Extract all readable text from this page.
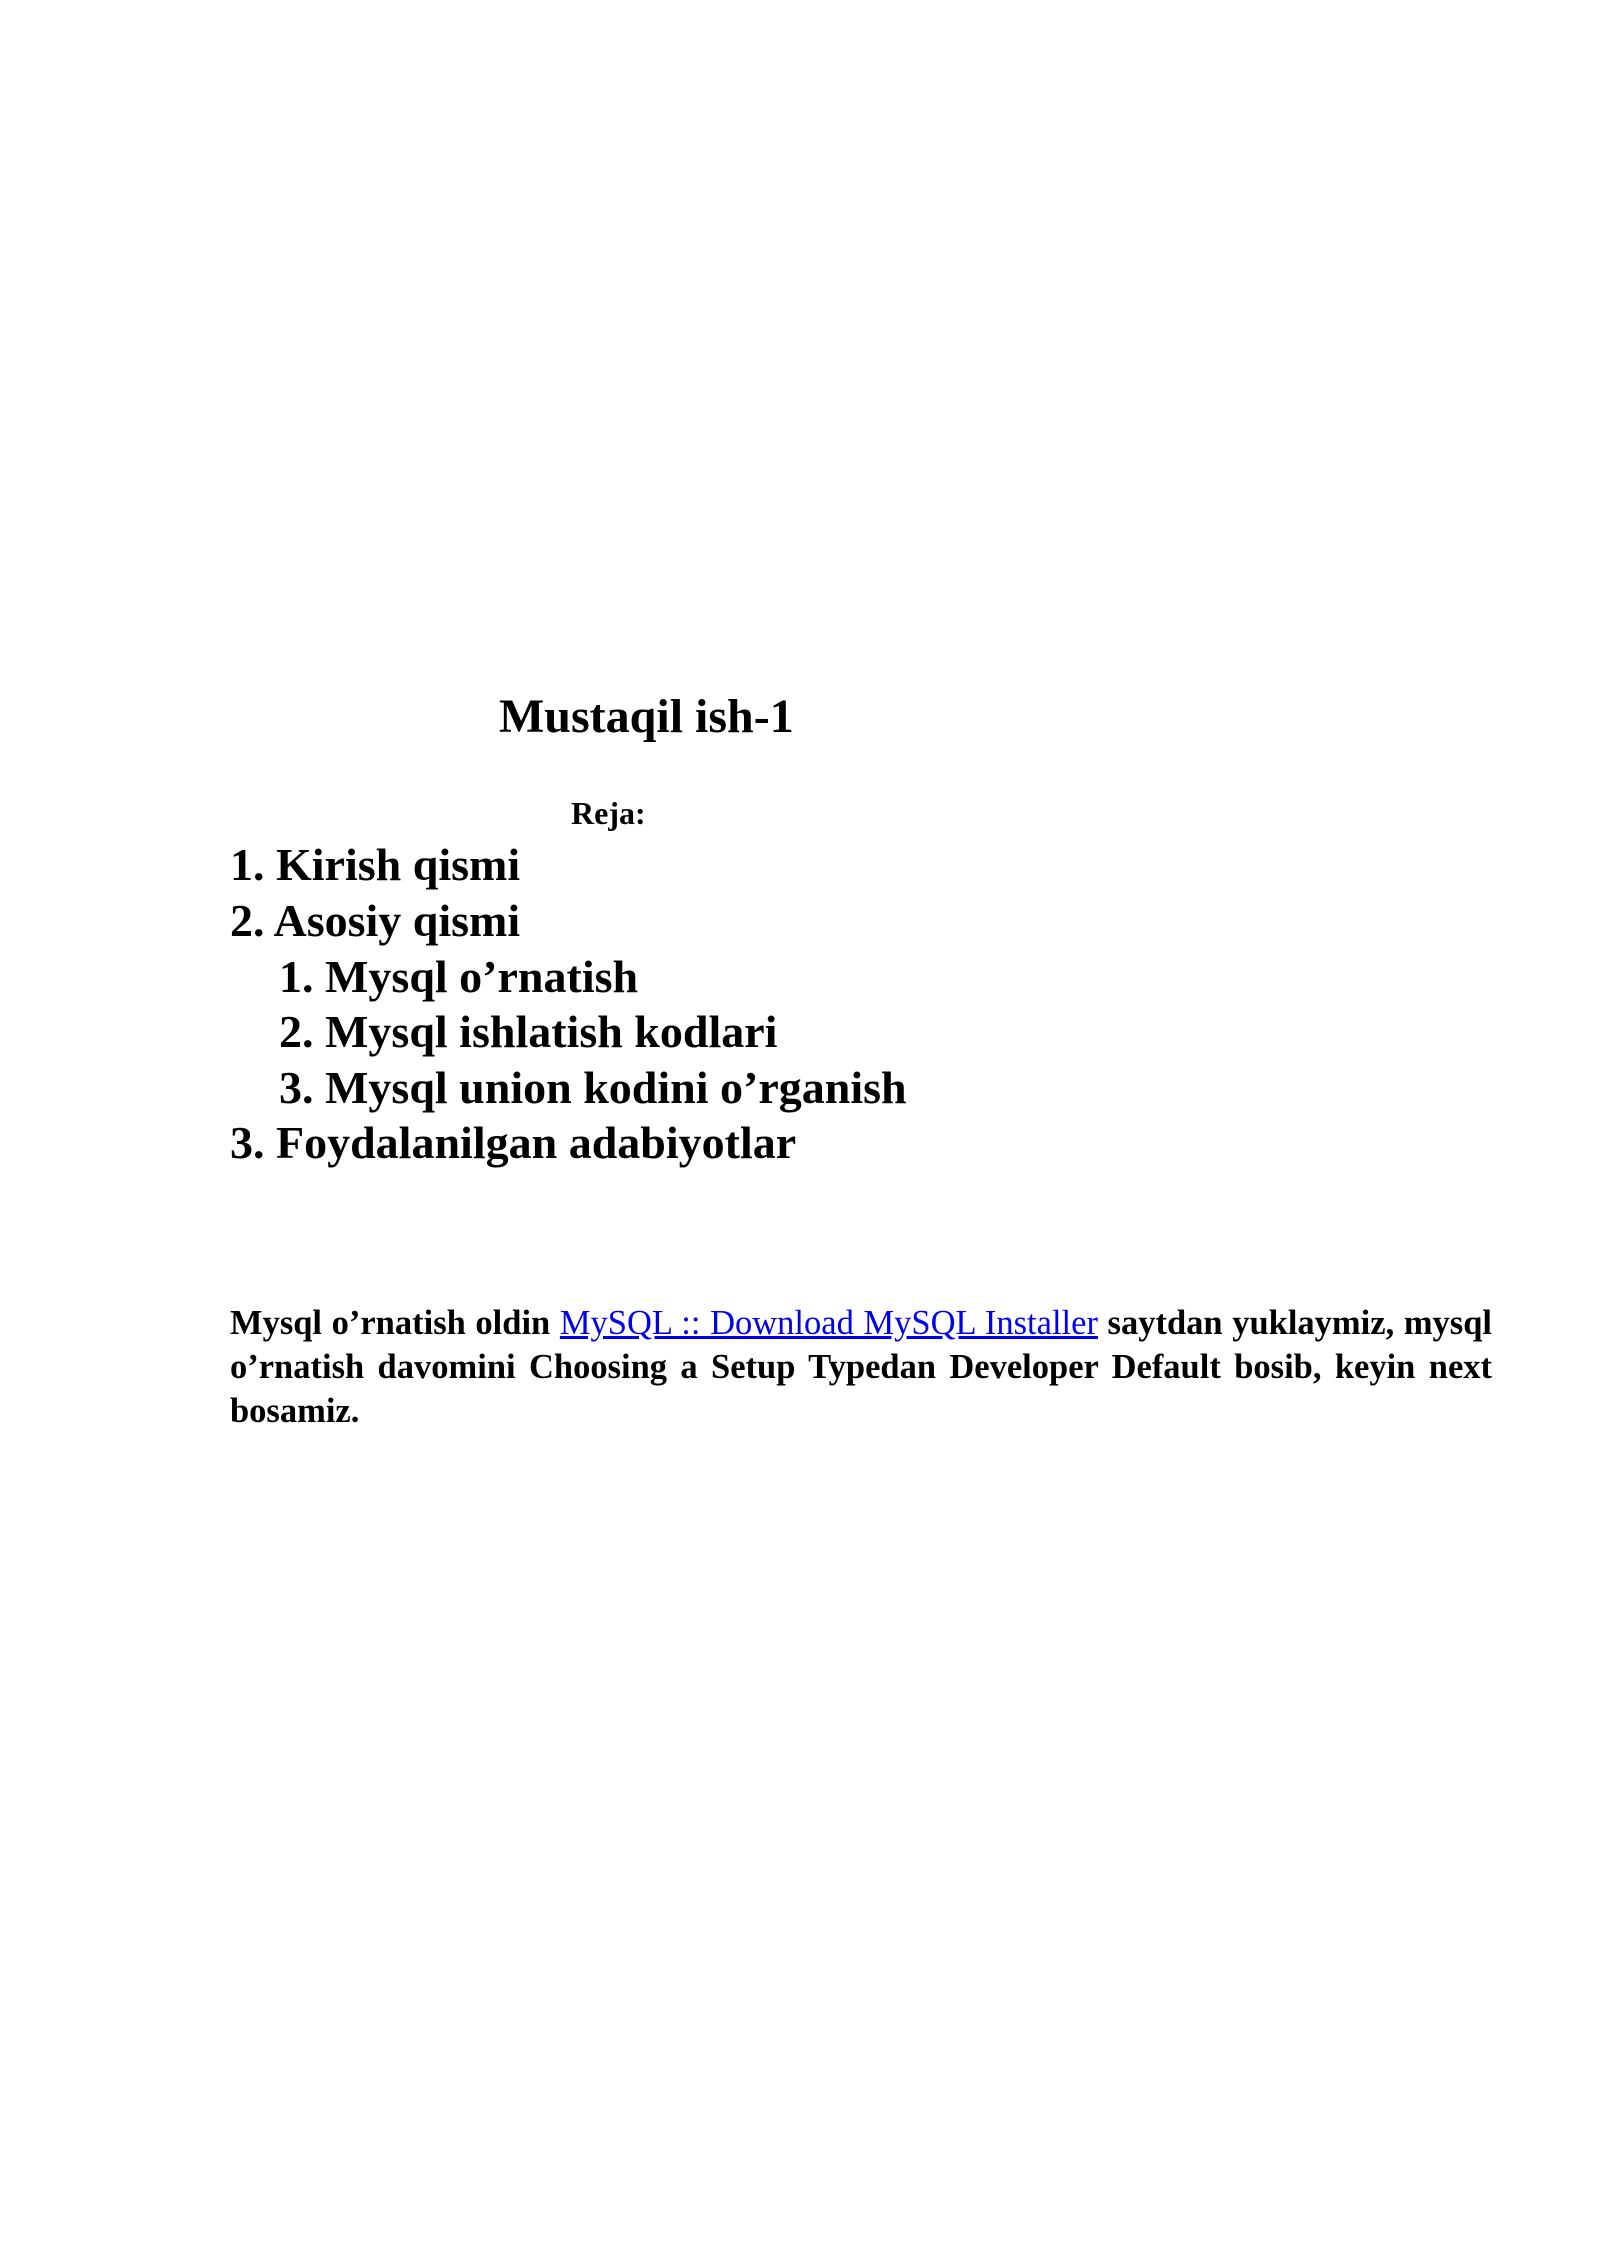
Mustaqil ish-1
Reja:
1. Kirish qismi
2. Asosiy qismi
1. Mysql o’rnatish
2. Mysql ishlatish kodlari
3. Mysql union kodini o’rganish
3. Foydalanilgan adabiyotlar

Mysql o’rnatish oldin MySQL :: Download MySQL Installer saytdan yuklaymiz, mysql o’rnatish davomini Choosing a Setup Typedan Developer Default bosib, keyin next bosamiz.
